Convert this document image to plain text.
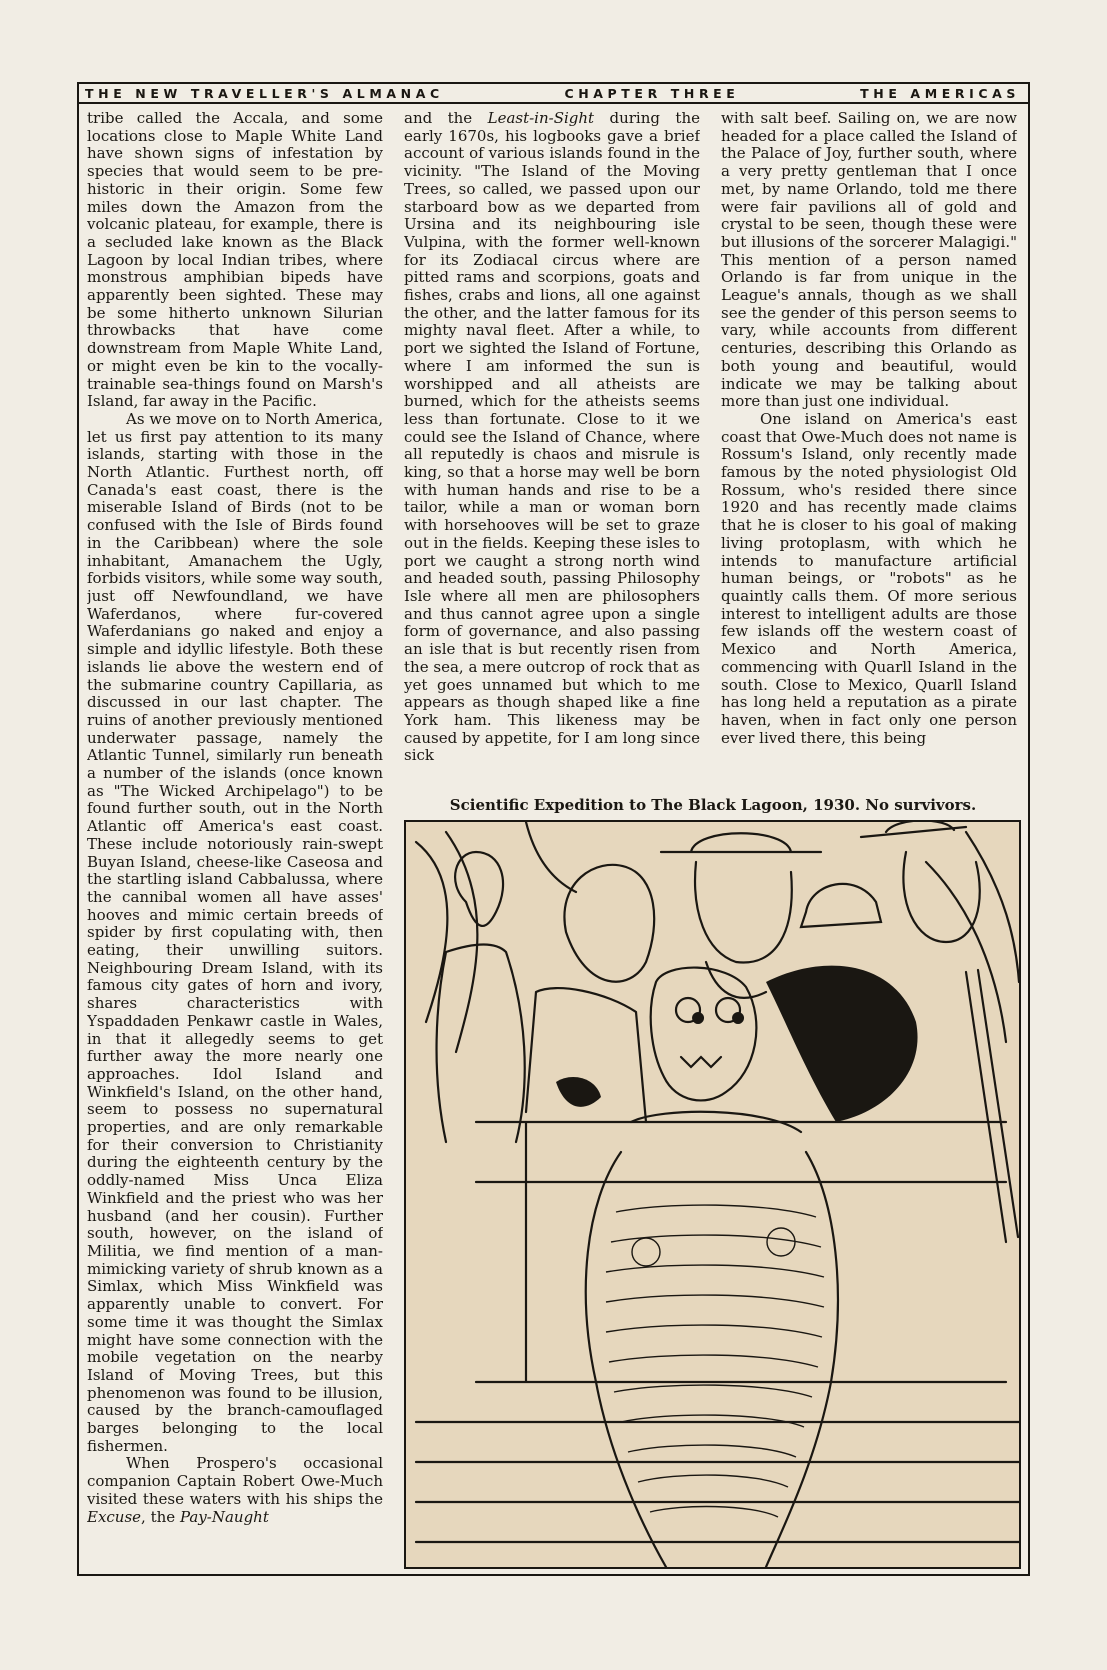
THE NEW TRAVELLER'S ALMANAC	CHAPTER THREE	THE AMERICAS

tribe called the Accala, and some locations close to Maple White Land have shown signs of infestation by species that would seem to be pre-historic in their origin. Some few miles down the Amazon from the volcanic plateau, for example, there is a secluded lake known as the Black Lagoon by local Indian tribes, where monstrous amphibian bipeds have apparently been sighted. These may be some hitherto unknown Silurian throwbacks that have come downstream from Maple White Land, or might even be kin to the vocally-trainable sea-things found on Marsh's Island, far away in the Pacific.

As we move on to North America, let us first pay attention to its many islands, starting with those in the North Atlantic. Furthest north, off Canada's east coast, there is the miserable Island of Birds (not to be confused with the Isle of Birds found in the Caribbean) where the sole inhabitant, Amanachem the Ugly, forbids visitors, while some way south, just off Newfoundland, we have Waferdanos, where fur-covered Waferdanians go naked and enjoy a simple and idyllic lifestyle. Both these islands lie above the western end of the submarine country Capillaria, as discussed in our last chapter. The ruins of another previously mentioned underwater passage, namely the Atlantic Tunnel, similarly run beneath a number of the islands (once known as "The Wicked Archipelago") to be found further south, out in the North Atlantic off America's east coast. These include notoriously rain-swept Buyan Island, cheese-like Caseosa and the startling island Cabbalussa, where the cannibal women all have asses' hooves and mimic certain breeds of spider by first copulating with, then eating, their unwilling suitors. Neighbouring Dream Island, with its famous city gates of horn and ivory, shares characteristics with Yspaddaden Penkawr castle in Wales, in that it allegedly seems to get further away the more nearly one approaches. Idol Island and Winkfield's Island, on the other hand, seem to possess no supernatural properties, and are only remarkable for their conversion to Christianity during the eighteenth century by the oddly-named Miss Unca Eliza Winkfield and the priest who was her husband (and her cousin). Further south, however, on the island of Militia, we find mention of a man-mimicking variety of shrub known as a Simlax, which Miss Winkfield was apparently unable to convert. For some time it was thought the Simlax might have some connection with the mobile vegetation on the nearby Island of Moving Trees, but this phenomenon was found to be illusion, caused by the branch-camouflaged barges belonging to the local fishermen.

When Prospero's occasional companion Captain Robert Owe-Much visited these waters with his ships the Excuse, the Pay-Naught

and the Least-in-Sight during the early 1670s, his logbooks gave a brief account of various islands found in the vicinity. "The Island of the Moving Trees, so called, we passed upon our starboard bow as we departed from Ursina and its neighbouring isle Vulpina, with the former well-known for its Zodiacal circus where are pitted rams and scorpions, goats and fishes, crabs and lions, all one against the other, and the latter famous for its mighty naval fleet. After a while, to port we sighted the Island of Fortune, where I am informed the sun is worshipped and all atheists are burned, which for the atheists seems less than fortunate. Close to it we could see the Island of Chance, where all reputedly is chaos and misrule is king, so that a horse may well be born with human hands and rise to be a tailor, while a man or woman born with horsehooves will be set to graze out in the fields. Keeping these isles to port we caught a strong north wind and headed south, passing Philosophy Isle where all men are philosophers and thus cannot agree upon a single form of governance, and also passing an isle that is but recently risen from the sea, a mere outcrop of rock that as yet goes unnamed but which to me appears as though shaped like a fine York ham. This likeness may be caused by appetite, for I am long since sick

with salt beef. Sailing on, we are now headed for a place called the Island of the Palace of Joy, further south, where a very pretty gentleman that I once met, by name Orlando, told me there were fair pavilions all of gold and crystal to be seen, though these were but illusions of the sorcerer Malagigi." This mention of a person named Orlando is far from unique in the League's annals, though as we shall see the gender of this person seems to vary, while accounts from different centuries, describing this Orlando as both young and beautiful, would indicate we may be talking about more than just one individual.

One island on America's east coast that Owe-Much does not name is Rossum's Island, only recently made famous by the noted physiologist Old Rossum, who's resided there since 1920 and has recently made claims that he is closer to his goal of making living protoplasm, with which he intends to manufacture artificial human beings, or "robots" as he quaintly calls them. Of more serious interest to intelligent adults are those few islands off the western coast of Mexico and North America, commencing with Quarll Island in the south. Close to Mexico, Quarll Island has long held a reputation as a pirate haven, when in fact only one person ever lived there, this being

Scientific Expedition to The Black Lagoon, 1930. No survivors.
